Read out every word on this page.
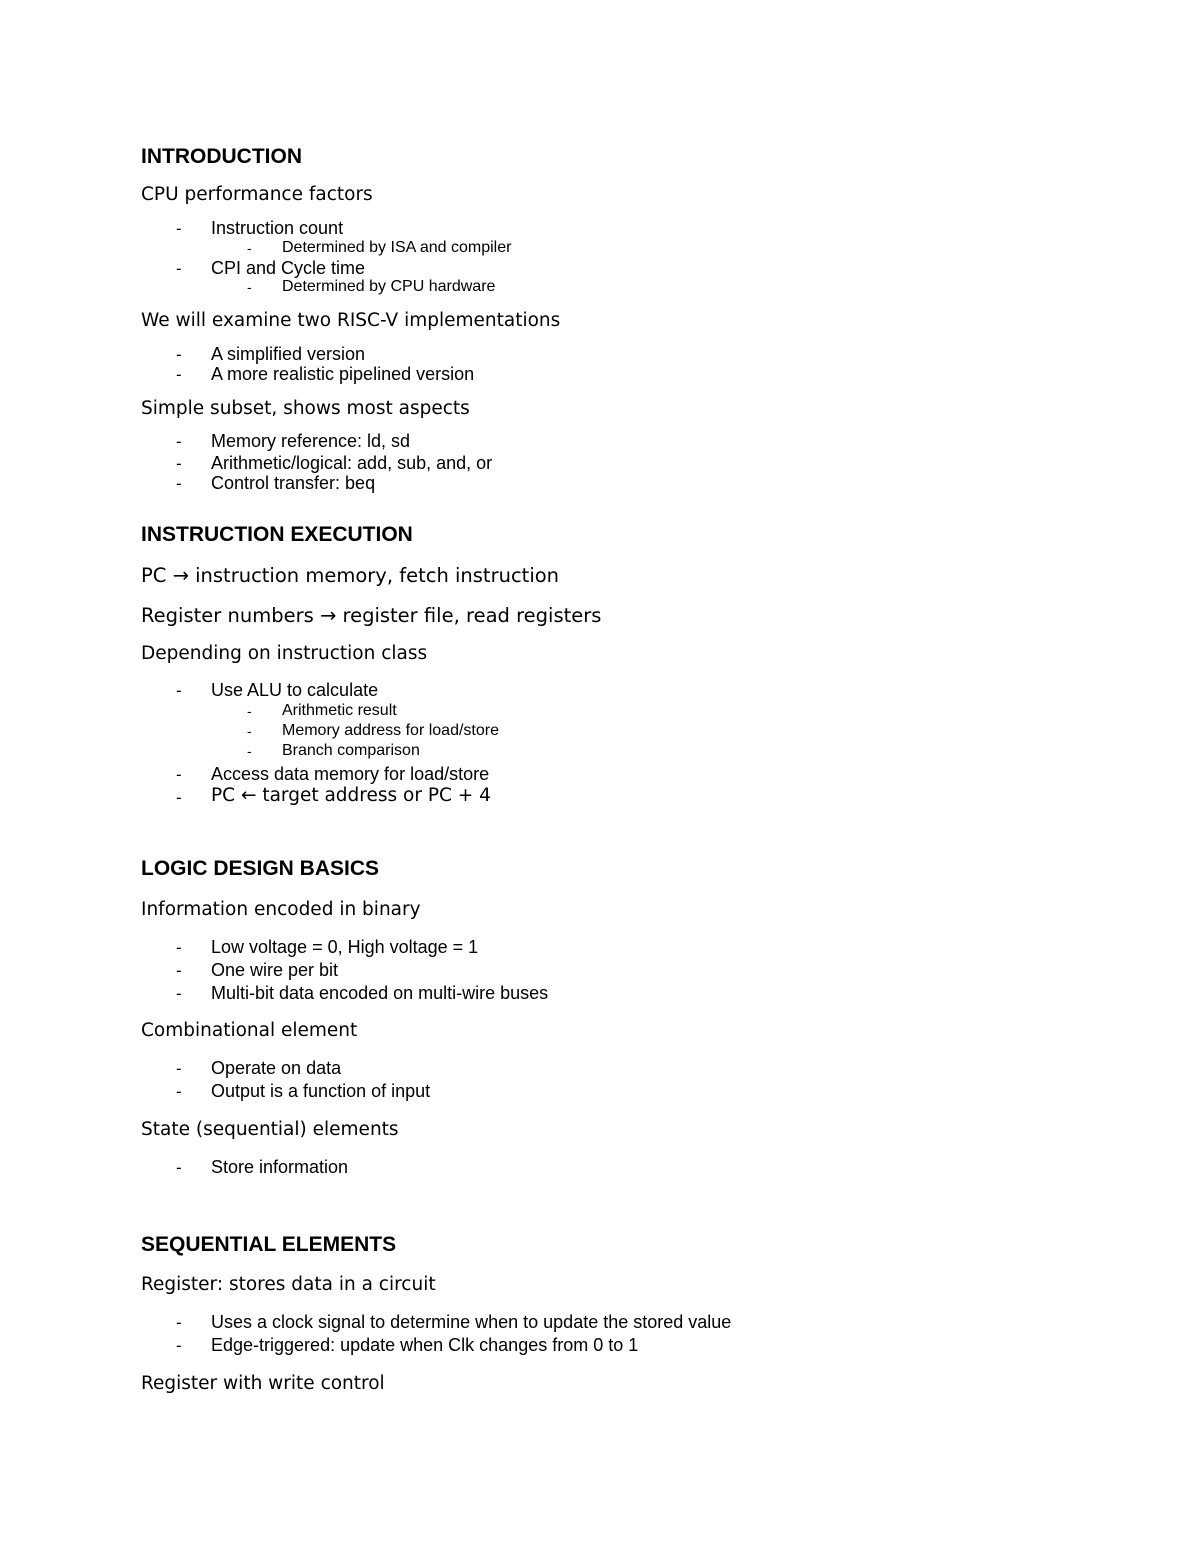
INTRODUCTION
CPU performance factors
- Instruction count
- Determined by ISA and compiler
- CPI and Cycle time
- Determined by CPU hardware
We will examine two RISC-V implementations
- A simplified version
- A more realistic pipelined version
Simple subset, shows most aspects
- Memory reference: ld, sd
- Arithmetic/logical: add, sub, and, or
- Control transfer: beq
INSTRUCTION EXECUTION
PC → instruction memory, fetch instruction
Register numbers → register file, read registers
Depending on instruction class
- Use ALU to calculate
- Arithmetic result
- Memory address for load/store
- Branch comparison
- Access data memory for load/store
- PC ← target address or PC + 4
LOGIC DESIGN BASICS
Information encoded in binary
- Low voltage = 0, High voltage = 1
- One wire per bit
- Multi-bit data encoded on multi-wire buses
Combinational element
- Operate on data
- Output is a function of input
State (sequential) elements
- Store information
SEQUENTIAL ELEMENTS
Register: stores data in a circuit
- Uses a clock signal to determine when to update the stored value
- Edge-triggered: update when Clk changes from 0 to 1
Register with write control
